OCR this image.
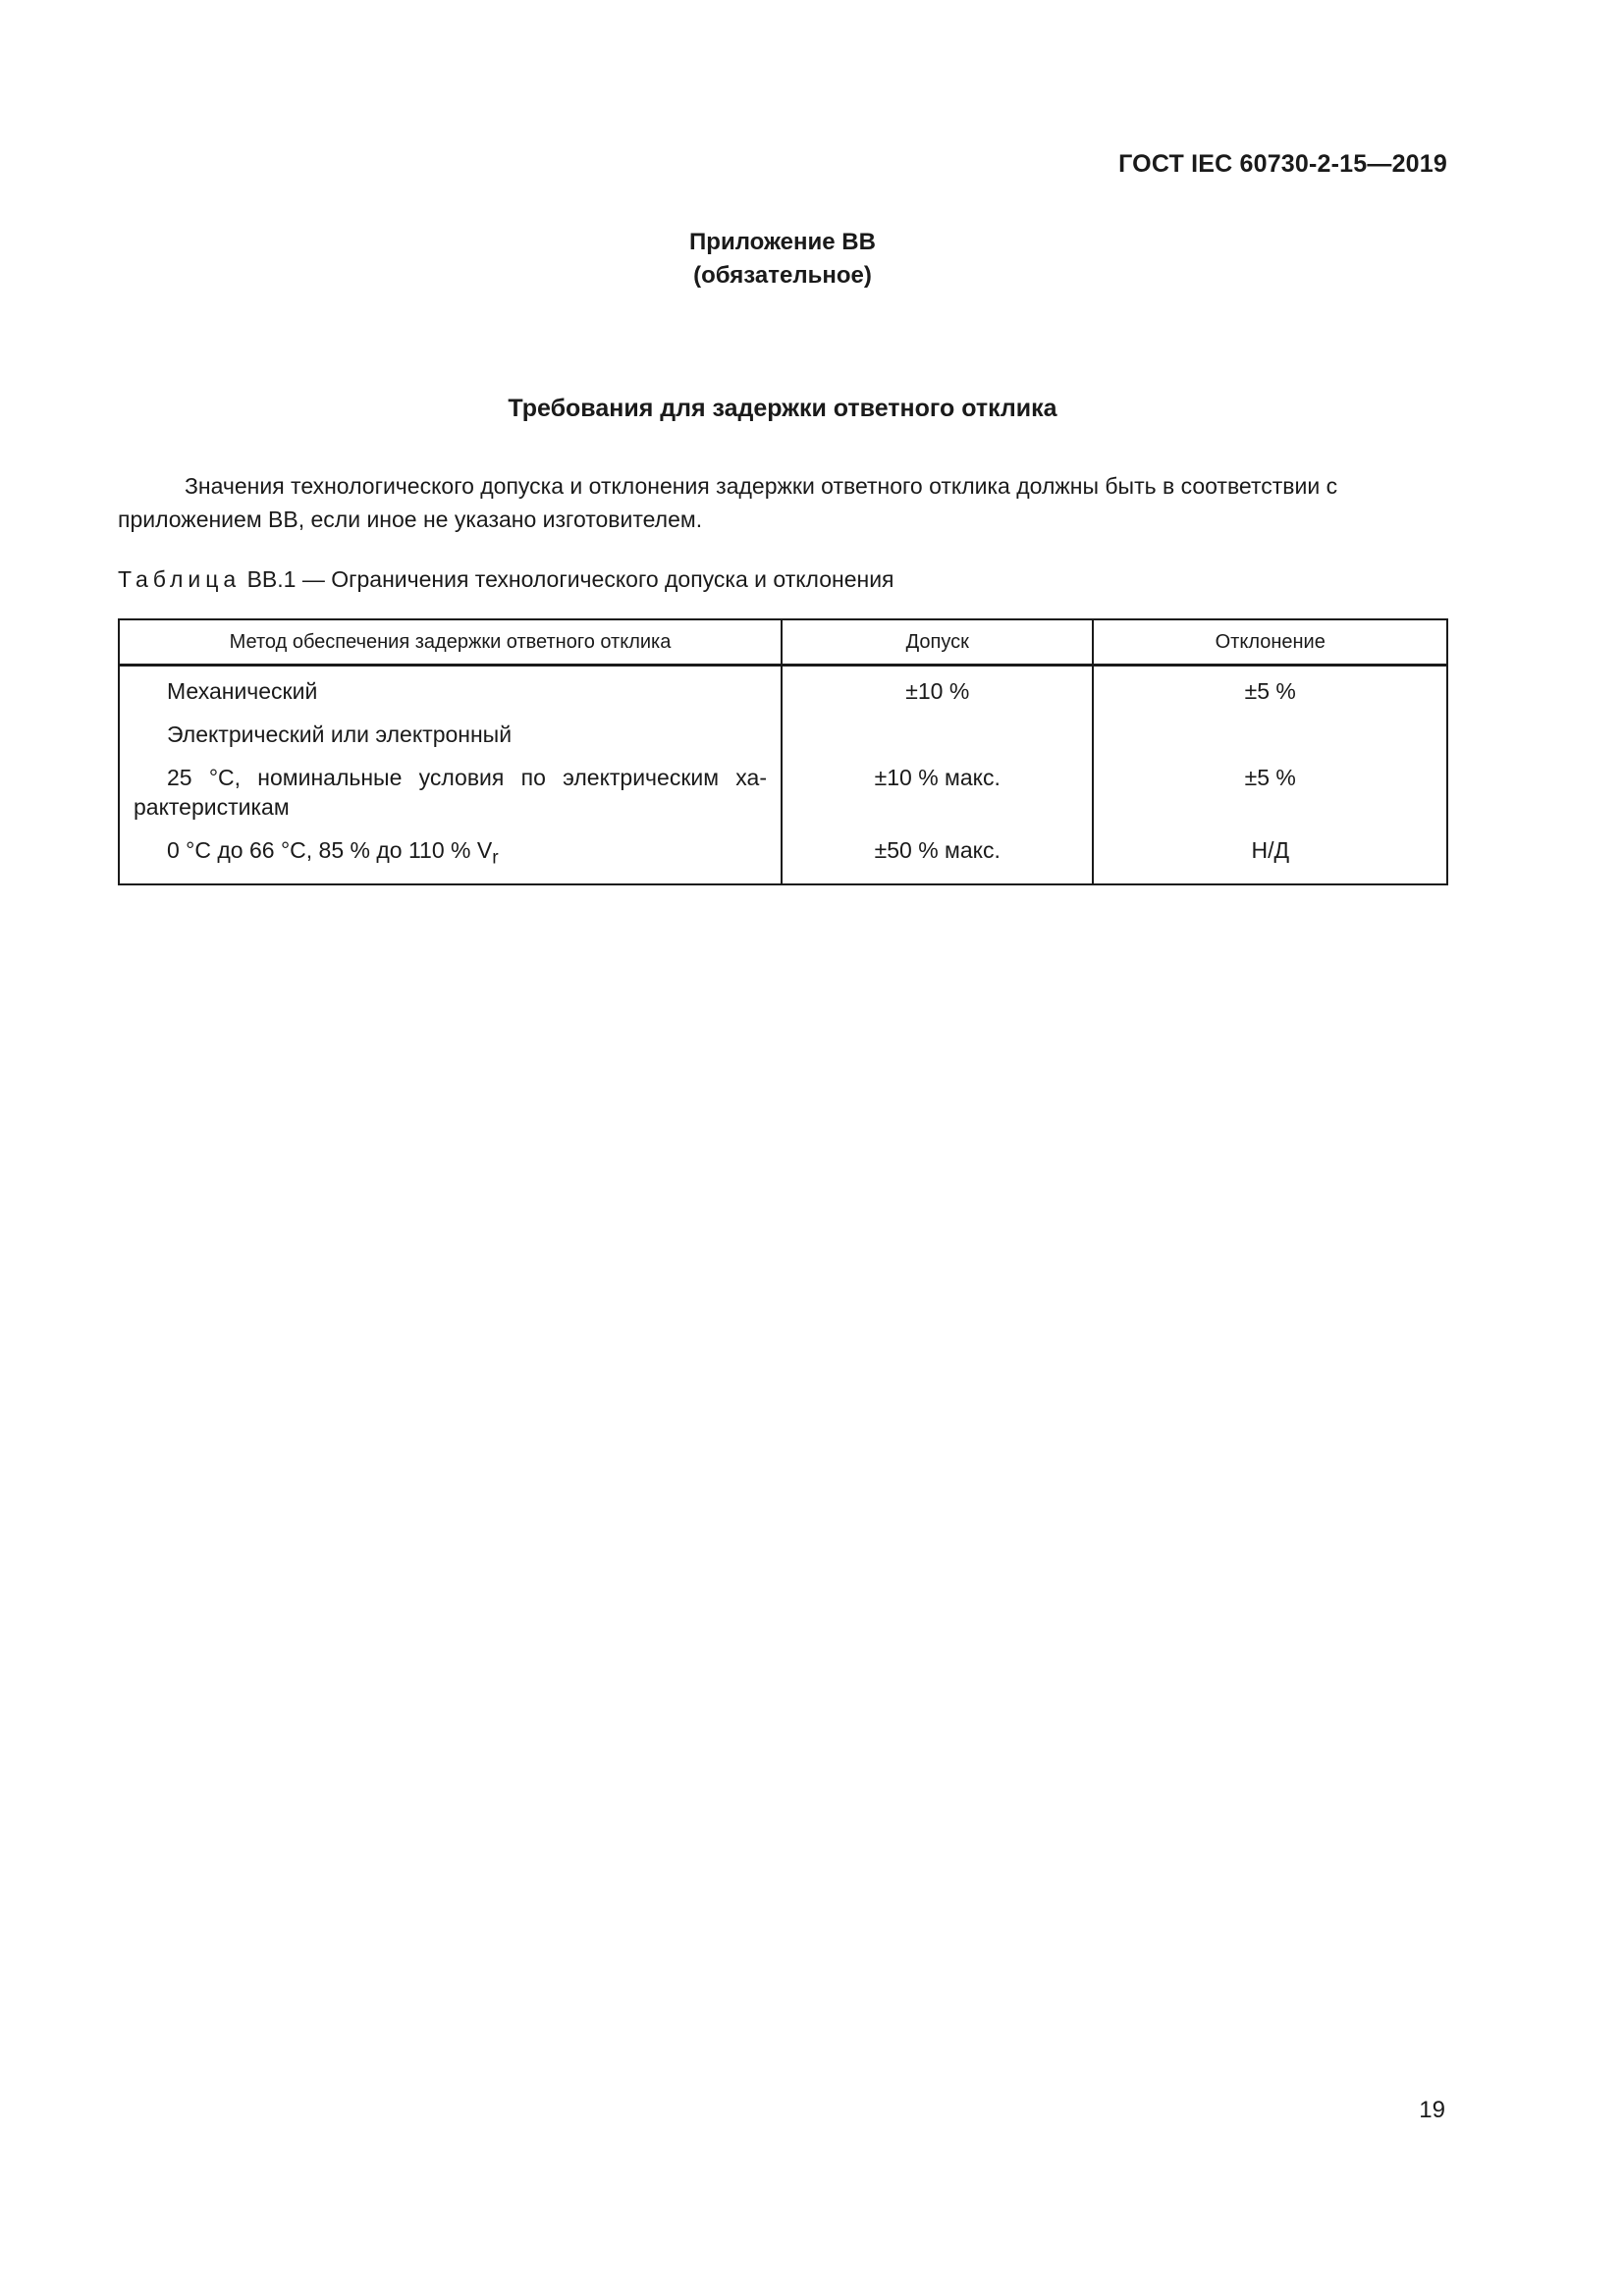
ГОСТ IEC 60730-2-15—2019
Приложение ВВ
(обязательное)
Требования для задержки ответного отклика
Значения технологического допуска и отклонения задержки ответного отклика должны быть в соответствии с приложением ВВ, если иное не указано изготовителем.
Таблица ВВ.1 — Ограничения технологического допуска и отклонения
Метод обеспечения задержки ответного отклика	Допуск	Отклонение
Механический	±10 %	±5 %
Электрический или электронный		
25 °С, номинальные условия по электрическим ха-рактеристикам	±10 % макс.	±5 %
0 °С до 66 °С, 85 % до 110 % $V_r$	±50 % макс.	Н/Д
19
